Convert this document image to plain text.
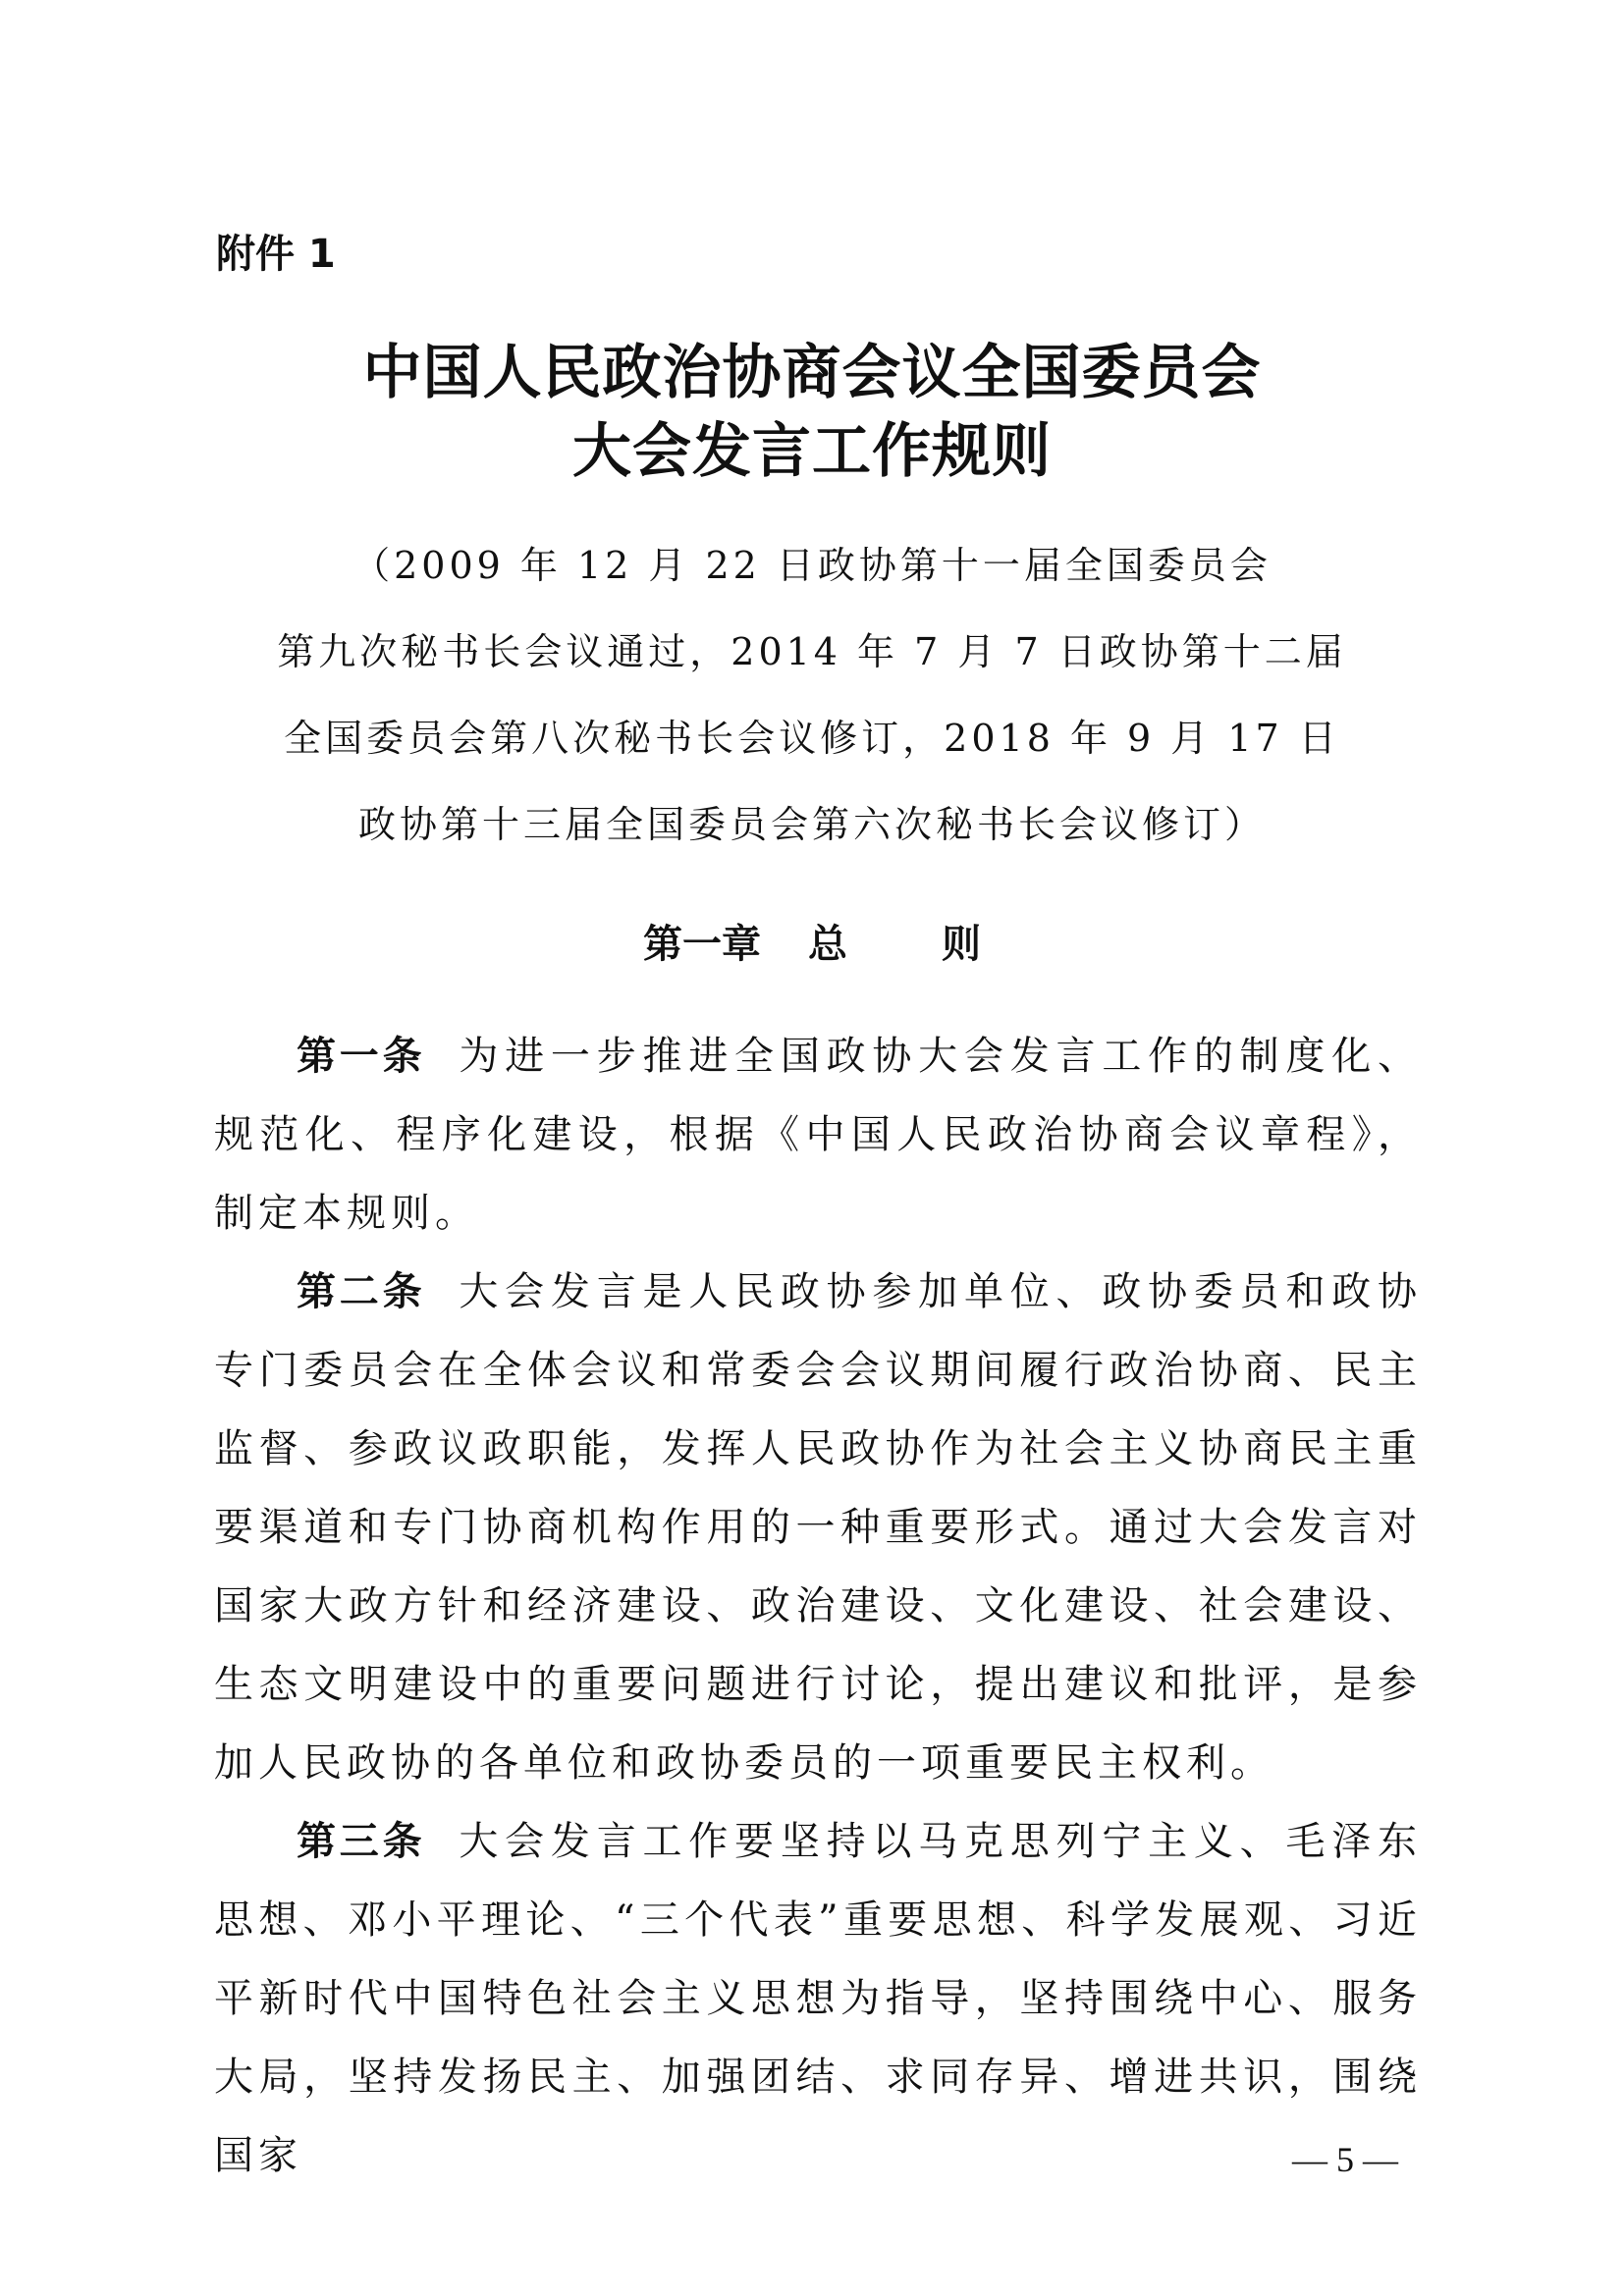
附件 1

中国人民政治协商会议全国委员会
大会发言工作规则
（2009 年 12 月 22 日政协第十一届全国委员会
第九次秘书长会议通过，2014 年 7 月 7 日政协第十二届
全国委员会第八次秘书长会议修订，2018 年 9 月 17 日
政协第十三届全国委员会第六次秘书长会议修订）
第一章 总 则

第一条 为进一步推进全国政协大会发言工作的制度化、规范化、程序化建设，根据《中国人民政治协商会议章程》，制定本规则。

第二条 大会发言是人民政协参加单位、政协委员和政协专门委员会在全体会议和常委会会议期间履行政治协商、民主监督、参政议政职能，发挥人民政协作为社会主义协商民主重要渠道和专门协商机构作用的一种重要形式。通过大会发言对国家大政方针和经济建设、政治建设、文化建设、社会建设、生态文明建设中的重要问题进行讨论，提出建议和批评，是参加人民政协的各单位和政协委员的一项重要民主权利。

第三条 大会发言工作要坚持以马克思列宁主义、毛泽东思想、邓小平理论、“三个代表”重要思想、科学发展观、习近平新时代中国特色社会主义思想为指导，坚持围绕中心、服务大局，坚持发扬民主、加强团结、求同存异、增进共识，围绕国家	— 5 —
